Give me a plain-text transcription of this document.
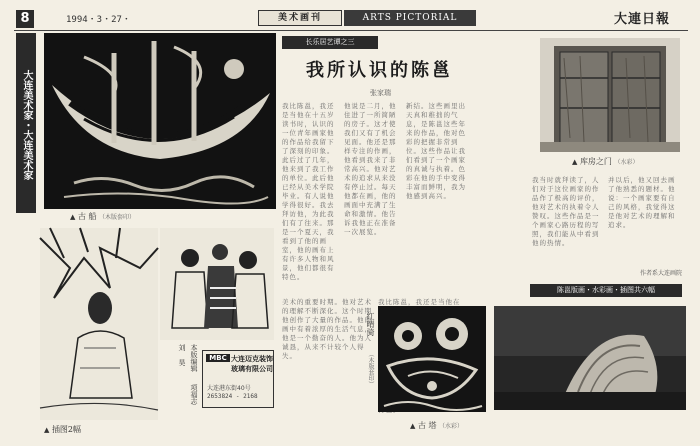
8	1994・3・27・	美术画刊	ARTS PICTORIAL	大連日報
大连美术家・大连美术家
▲ 古 船 （木版套印）
本版编辑 项福志 刘 昊	MBC 大连迈克装饰
玻璃有限公司
大连港东街40号
2653824 - 2168
▲ 插图2幅
长乐居艺谭之三
我所认识的陈邕
张家瑞
我比陈邕，我还是当他在十五岁读书时，认识的一位青年画家他的作品给我留下了深刻的印象。此后过了几年，他来到了我工作的单位。此后他已经从美术学院毕业。有人说他学得很好。我去拜访他，为此我们有了往来。那是一个夏天，我看到了他的画室，他的画布上有许多人物和风景，他们都很有特色。
他说是二月，他住进了一所简陋的房子。这才使我们又有了机会见面。他还是那样专注的作画，他看到我来了非常高兴。他对艺术的追求从来没有停止过。每天他都在画，他的画面中充满了生命和激情。他告诉我他正在准备一次展览。
新结。这些画里出天真和稚拙的气息，是陈邕这些年来的作品，他对色彩的把握非常到位。这些作品让我们看到了一个画家的真诚与执着。色彩在他的手中变得丰富而鲜明，我为他感到高兴。
美术的重要时期。他对艺术的理解不断深化。这个时期他创作了大量的作品。他的画中有着浓厚的生活气息，他是一个勤奋的人。他为人诚恳，从来不计较个人得失。
我比陈邕，我还是当他在
▲ 库房之门 （水彩）
我当时就拜读了，人们对于这位画家的作品作了极高的评价，他对艺术的执着令人赞叹。这些作品是一个画家心路历程的写照，我们能从中看到他的热情。
并以后，他又回去画了他熟悉的题材。他说：一个画家要有自己的风格，我觉得这是他对艺术的理解和追求。
作者系大连画院
陈邕版画・水彩画・插图共六幅
红晴骑 （木版套印）
▲ 古 塔 （水彩）
